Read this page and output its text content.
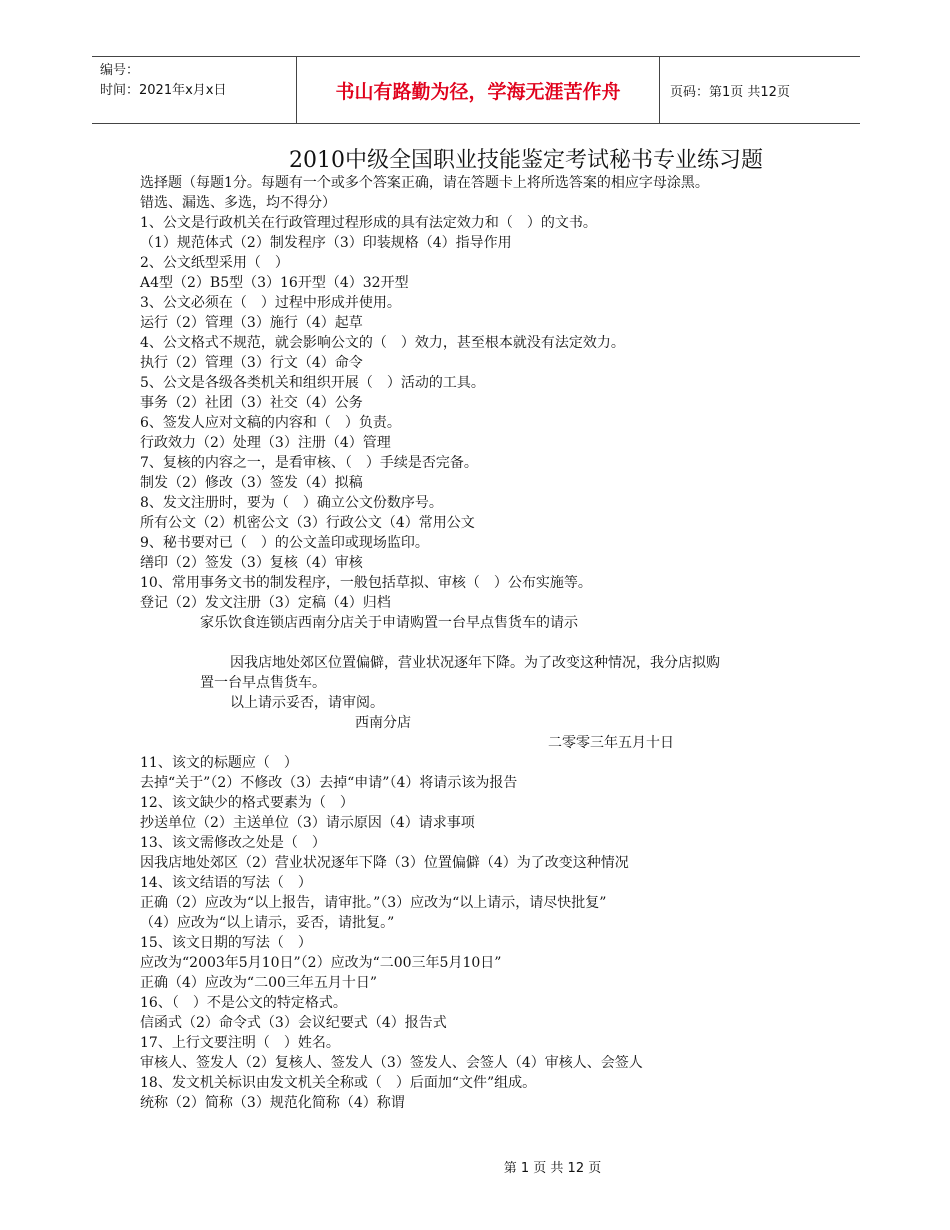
编号：
时间：2021年x月x日	书山有路勤为径，学海无涯苦作舟	页码：第1页 共12页
2010中级全国职业技能鉴定考试秘书专业练习题
选择题（每题1分。每题有一个或多个答案正确，请在答题卡上将所选答案的相应字母涂黑。
错选、漏选、多选，均不得分）
1、公文是行政机关在行政管理过程形成的具有法定效力和（　）的文书。
（1）规范体式（2）制发程序（3）印装规格（4）指导作用
2、公文纸型采用（　）
A4型（2）B5型（3）16开型（4）32开型
3、公文必须在（　）过程中形成并使用。
运行（2）管理（3）施行（4）起草
4、公文格式不规范，就会影响公文的（　）效力，甚至根本就没有法定效力。
执行（2）管理（3）行文（4）命令
5、公文是各级各类机关和组织开展（　）活动的工具。
事务（2）社团（3）社交（4）公务
6、签发人应对文稿的内容和（　）负责。
行政效力（2）处理（3）注册（4）管理
7、复核的内容之一，是看审核、（　）手续是否完备。
制发（2）修改（3）签发（4）拟稿
8、发文注册时，要为（　）确立公文份数序号。
所有公文（2）机密公文（3）行政公文（4）常用公文
9、秘书要对已（　）的公文盖印或现场监印。
缮印（2）签发（3）复核（4）审核
10、常用事务文书的制发程序，一般包括草拟、审核（　）公布实施等。
登记（2）发文注册（3）定稿（4）归档
家乐饮食连锁店西南分店关于申请购置一台早点售货车的请示
因我店地处郊区位置偏僻，营业状况逐年下降。为了改变这种情况，我分店拟购
置一台早点售货车。
以上请示妥否，请审阅。
西南分店
二零零三年五月十日
11、该文的标题应（　）
去掉“关于”（2）不修改（3）去掉“申请”（4）将请示该为报告
12、该文缺少的格式要素为（　）
抄送单位（2）主送单位（3）请示原因（4）请求事项
13、该文需修改之处是（　）
因我店地处郊区（2）营业状况逐年下降（3）位置偏僻（4）为了改变这种情况
14、该文结语的写法（　）
正确（2）应改为“以上报告，请审批。”（3）应改为“以上请示，请尽快批复”
（4）应改为“以上请示，妥否，请批复。”
15、该文日期的写法（　）
应改为“2003年5月10日”（2）应改为“二00三年5月10日”
正确（4）应改为“二00三年五月十日”
16、（　）不是公文的特定格式。
信函式（2）命令式（3）会议纪要式（4）报告式
17、上行文要注明（　）姓名。
审核人、签发人（2）复核人、签发人（3）签发人、会签人（4）审核人、会签人
18、发文机关标识由发文机关全称或（　）后面加“文件”组成。
统称（2）简称（3）规范化简称（4）称谓
第 1 页 共 12 页
